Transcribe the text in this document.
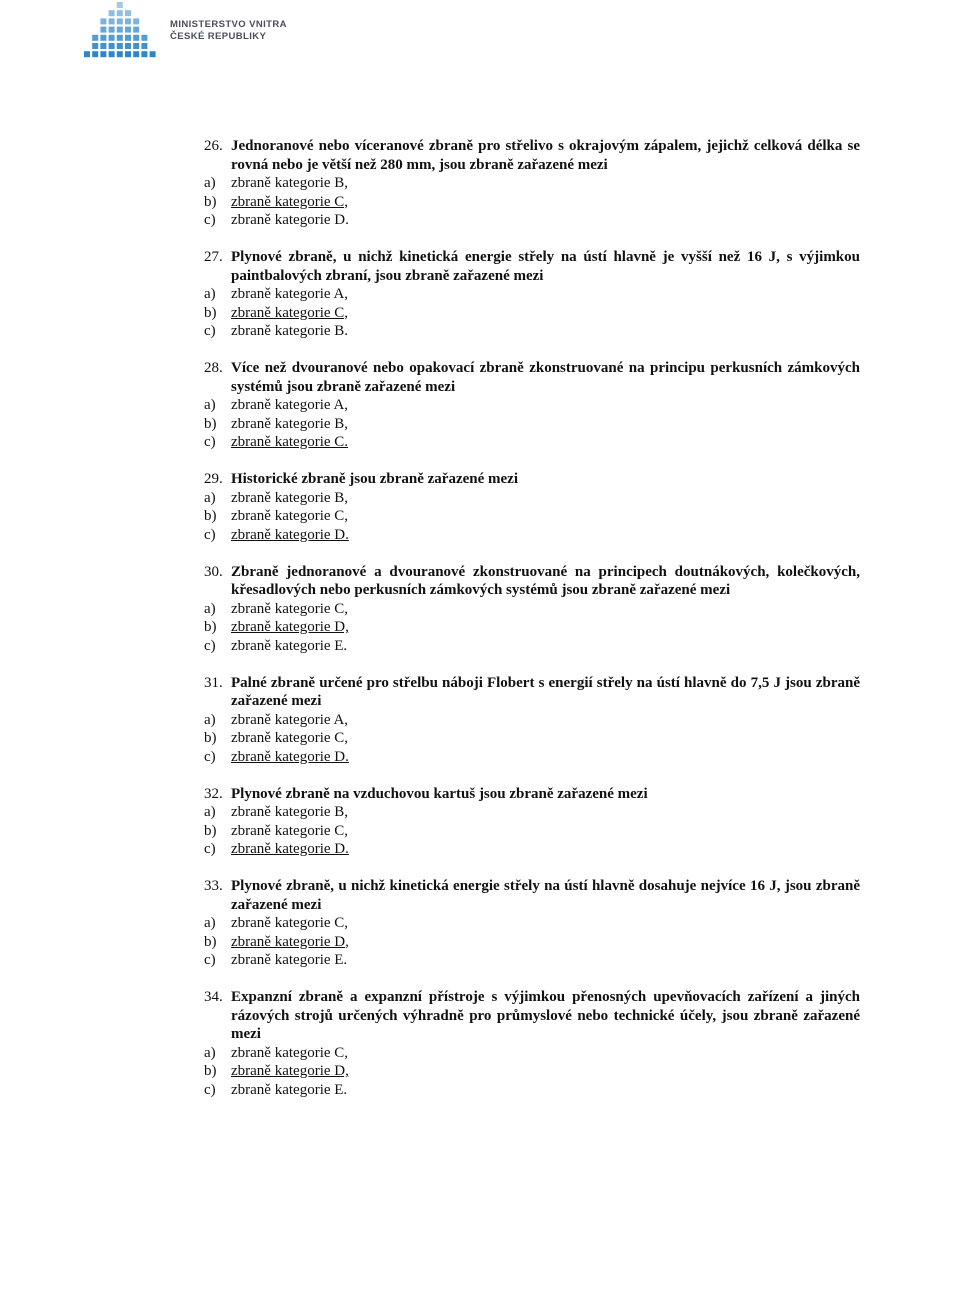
MINISTERSTVO VNITRA
ČESKÉ REPUBLIKY
26. Jednoranové nebo víceranové zbraně pro střelivo s okrajovým zápalem, jejichž celková délka se rovná nebo je větší než 280 mm, jsou zbraně zařazené mezi
a)	zbraně kategorie B,
b) zbraně kategorie C,
c)	zbraně kategorie D.
27. Plynové zbraně, u nichž kinetická energie střely na ústí hlavně je vyšší než 16 J, s výjimkou paintbalových zbraní, jsou zbraně zařazené mezi
a)	zbraně kategorie A,
b) zbraně kategorie C,
c)	zbraně kategorie B.
28. Více než dvouranové nebo opakovací zbraně zkonstruované na principu perkusních zámkových systémů jsou zbraně zařazené mezi
a)	zbraně kategorie A,
b) zbraně kategorie B,
c)	zbraně kategorie C.
29. Historické zbraně jsou zbraně zařazené mezi
a)	zbraně kategorie B,
b) zbraně kategorie C,
c)	zbraně kategorie D.
30. Zbraně jednoranové a dvouranové zkonstruované na principech doutnákových, kolečkových, křesadlových nebo perkusních zámkových systémů jsou zbraně zařazené mezi
a)	zbraně kategorie C,
b) zbraně kategorie D,
c)	zbraně kategorie E.
31. Palné zbraně určené pro střelbu náboji Flobert s energií střely na ústí hlavně do 7,5 J jsou zbraně zařazené mezi
a)	zbraně kategorie A,
b) zbraně kategorie C,
c)	zbraně kategorie D.
32. Plynové zbraně na vzduchovou kartuš jsou zbraně zařazené mezi
a)	zbraně kategorie B,
b) zbraně kategorie C,
c)	zbraně kategorie D.
33. Plynové zbraně, u nichž kinetická energie střely na ústí hlavně dosahuje nejvíce 16 J, jsou zbraně zařazené mezi
a)	zbraně kategorie C,
b) zbraně kategorie D,
c)	zbraně kategorie E.
34. Expanzní zbraně a expanzní přístroje s výjimkou přenosných upevňovacích zařízení a jiných rázových strojů určených výhradně pro průmyslové nebo technické účely, jsou zbraně zařazené mezi
a)	zbraně kategorie C,
b) zbraně kategorie D,
c)	zbraně kategorie E.
